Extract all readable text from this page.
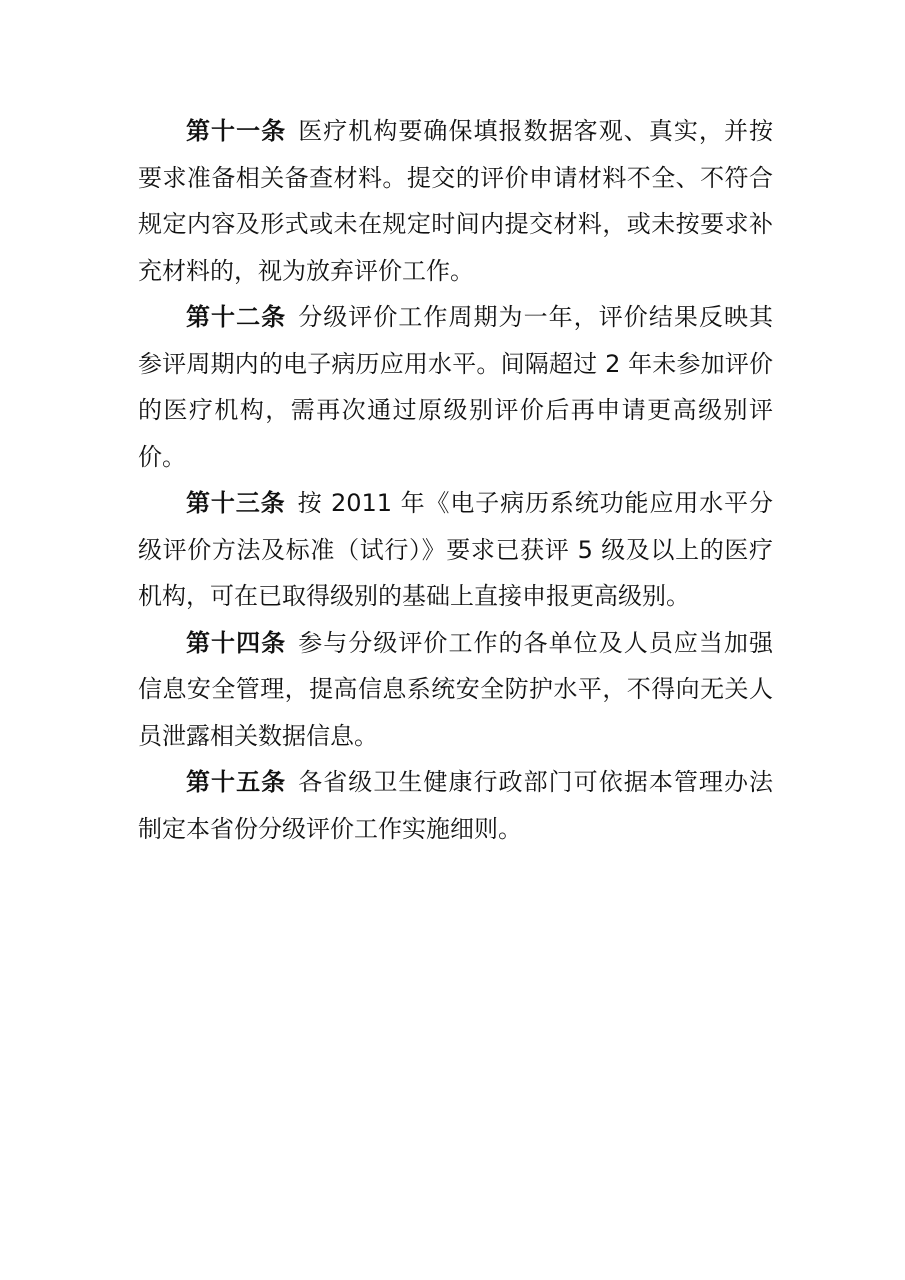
第十一条 医疗机构要确保填报数据客观、真实，并按要求准备相关备查材料。提交的评价申请材料不全、不符合规定内容及形式或未在规定时间内提交材料，或未按要求补充材料的，视为放弃评价工作。

第十二条 分级评价工作周期为一年，评价结果反映其参评周期内的电子病历应用水平。间隔超过 2 年未参加评价的医疗机构，需再次通过原级别评价后再申请更高级别评价。

第十三条 按 2011 年《电子病历系统功能应用水平分级评价方法及标准（试行）》要求已获评 5 级及以上的医疗机构，可在已取得级别的基础上直接申报更高级别。

第十四条 参与分级评价工作的各单位及人员应当加强信息安全管理，提高信息系统安全防护水平，不得向无关人员泄露相关数据信息。

第十五条 各省级卫生健康行政部门可依据本管理办法制定本省份分级评价工作实施细则。
